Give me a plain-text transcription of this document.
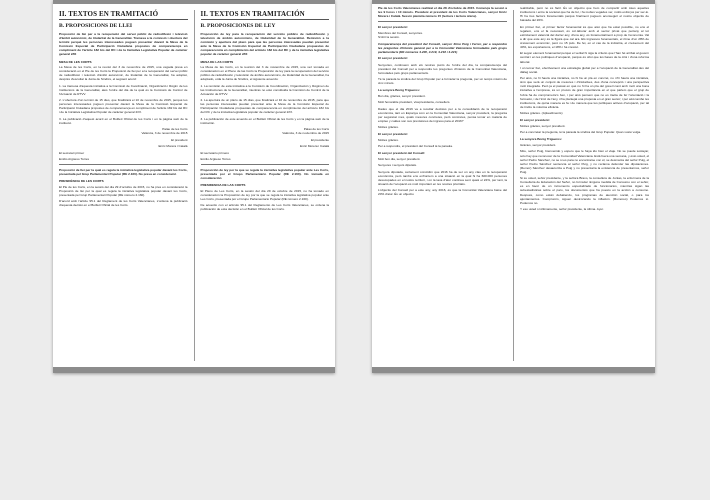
II. TEXTOS EN TRAMITACIÓ
B. PROPOSICIONS DE LLEI

Proposició de llei per a la recuperació del servei públic de radiodifusió i televisió d'àmbit autonòmic, de titularitat de la Generalitat. Tramesa a la comissió i obertura del termini perquè les persones interessades puguen presentar davant la Mesa de la Comissió Especial de Participació Ciutadana propostes de compareixença en compliment de l'article 182 bis del RC i de la Iniciativa Legislativa Popular de caràcter general 2/IX

MESA DE LES CORTS

La Mesa de les Corts, en la reunió del 3 de novembre de 2015, una vegada presa en consideració en el Ple de les Corts la Proposició de llei per a la recuperació del servei públic de radiodifusió i televisió d'àmbit autonòmic, de titularitat de la Generalitat, ha adoptat, després d'escoltar la Junta de Síndics, el següent acord:

1. La tramesa d'aquesta iniciativa a la Comissió de Coordinació, Organització i Règim de les Institucions de la Generalitat, atès l'ordre del dia de la qual és la Comissió de Control de l'Actuació de RTVV.

2. L'obertura d'un termini de 15 dies, que finalitzarà el 10 de novembre de 2015, perquè les persones interessades puguen presentar davant la Mesa de la Comissió Especial de Participació Ciutadana propostes de compareixença en compliment de l'article 182 bis del RC i de la Iniciativa Legislativa Popular de caràcter general 2/IX.

3. La publicació d'aquest acord en el Butlletí Oficial de les Corts i en la pàgina web de la institució.

Palau de les Corts
València, 3 de novembre de 2015

El president

Enric Morera i Català

El secretari primer

Emilio Argüeso Torres

Proposició de llei per la qual es regula la iniciativa legislativa popular davant les Corts, presentada pel Grup Parlamentari Popular (RE 2.160). No presa en consideració

PRESIDÈNCIA DE LES CORTS

El Ple de les Corts, en la sessió del dia 29 d'octubre de 2015, no ha pres en consideració la Proposició de llei per la qual es regula la iniciativa legislativa popular davant les Corts, presentada pel Grup Parlamentari Popular (RE número 2.160).

D'acord amb l'article 95.1 del Reglament de les Corts Valencianes, s'ordena la publicació d'aquesta decisió en el Butlletí Oficial de les Corts.

II. TEXTOS EN TRAMITACIÓN
B. PROPOSICIONES DE LEY

Proposición de ley para la recuperación del servicio público de radiodifusión y televisión de ámbito autonómico, de titularidad de la Generalitat. Remisión a la comisión y apertura del plazo para que las personas interesadas puedan presentar ante la Mesa de la Comisión Especial de Participación Ciudadana propuestas de comparecencia en cumplimiento del artículo 182 bis del RC y de la iniciativa legislativa popular de carácter general 2/IX

MESA DE LAS CORTS

La Mesa de las Corts, en la reunión del 3 de noviembre de 2015, una vez tomada en consideración en el Pleno de las Corts la Proposición de ley para la recuperación del servicio público de radiodifusión y televisión de ámbito autonómico, de titularidad de la Generalitat, ha adoptado, oída la Junta de Síndics, el siguiente acuerdo:

1. La remisión de esta iniciativa a la Comisión de Coordinación, Organización y Régimen de las Instituciones de la Generalitat, mientras no esté constituida la Comisión de Control de la Actuación de RTVV.

2. La apertura de un plazo de 15 días, que finalizará el 10 de noviembre de 2015, para que las personas interesadas puedan presentar ante la Mesa de la Comisión Especial de Participación Ciudadana propuestas de comparecencia en cumplimiento del artículo 182 bis del RC y de la iniciativa legislativa popular de carácter general 2/IX.

3. La publicación de este acuerdo en el Butlletí Oficial de les Corts y en la página web de la institución.

Palau de les Corts
València, 3 de noviembre de 2015

El presidente

Enric Morera i Català

El secretario primero

Emilio Argüeso Torres

Proposición de ley por la que se regula la iniciativa legislativa popular ante Les Corts, presentada por el Grupo Parlamentario Popular (RE 2.160). No tomada en consideración

PRESIDENCIA DE LAS CORTS

El Pleno de Les Corts, en la sesión del día 29 de octubre de 2015, no ha tomado en consideración la Proposición de ley por la que se regula la iniciativa legislativa popular ante Les Corts, presentada por el Grupo Parlamentario Popular (RE número 2.160).

De acuerdo con el artículo 95.1 del Reglamento de Les Corts Valencianes, se ordena la publicación de esta decisión en el Butlletí Oficial de les Corts.

Ple de les Corts Valencianes realitzat el dia 28 d'octubre de 2015. Comença la sessió a les 9 hores i 10 minuts. Presideix el president de les Corts Valencianes, senyor Enric Morera i Català. Sessió plenària número 15 (lectura i lectura única).

El senyor president:

Membres del Consell, senyories.
S'obri la sessió.

Compareixença del president del Consell, senyor Ximo Puig i Ferrer, per a respondre les preguntes d'interès general per a la Comunitat Valenciana formulades pels grups parlamentaris (RE números 4.200, 4.219, 4.218 i 4.221)

El senyor president:

Senyories, continuem amb els nostres punts de l'ordre del dia, la compareixença del president del Consell per a respondre les preguntes d'interès de la Comunitat Valenciana, formulades pels grups parlamentaris.

Té la paraula la síndica del Grup Popular per a formular la pregunta, per un temps màxim de cinc minuts.

La senyora Bonig Trigueros:

Bon dia, gràcies, senyor president.

Molt honorable president, vicepresidenta, consellers.

Dades que el dia 2016 va a resultar decisius per a la consolidació de la recuperació econòmica, tant en Espanya com en la Comunitat Valenciana, senyor president, la pregunta per seguretat mes, quals mesures concretes, però concretes, pensa tomar en matèria de empleo y cuáles son sus previsiones de ingreso para el 2016?

Moltes gràcies.

El senyor president:

Moltes gràcies.

Per a respondre, el president del Consell té la paraula.

El senyor president del Consell:

Molt bon dia, senyor president.

Senyores i senyors diputats.

Senyora diputada, certament coincidim que 2016 ha de ser un any clau en la recuperació econòmica, però també ens enfrontem a una situació en la qual hi ha 600.000 persones desocupades en el nostre territori, i on la taxa d'atur continua sent quasi el 22%, per tant, la situació de l'ocupació és molt important en les nostres prioritats.

L'objectiu del Consell per a este any, any 2016, és que la Comunitat Valenciana baixe del 20% d'atur. És un objectiu

realitzable, però no és fàcil. És un objectiu que hem de compartir amb totes aquelles institucions i entre la societat que ha de fer, i fa moltes vegades ver, molts esforços per ser-lo. Hi ha tres factors fonamentals perquè finalment puguem aconseguir el nostre objectiu de baixada del 20%.

En primer lloc, el primer factor fonamental és que això que ha estat possible, no ens el regalem, ens el fa necessari, és col·laborar amb el sector privat que pertany al tot estrictament valencià del darrer any, d'una any, és fonamentalment a prop de l'economia. Val a dir que este any és la figura que cal ara. Els ingressos fonamentals, el ritme d'un 28% de creixement econòmic, però no 15 puls. De fet, en el cas de la indústria, el creixement del 40%, les exportacions, el 18% i ha crescut.

El segon element fonamental perquè el verital hi siga la criterio que l'han fet arribat al govern central i en les polítiques d'ocupació, perquè és obvi que les bases de la crisi i d'una reforma laboral.

I un tercer lloc, efectivament una estratègia global per a l'ocupació de la Generalitat des del diàleg social.

Per això, no hi haurà una iniciativa, no hi ha un pla en concret, no n'hi haurà una iniciativa, sinó que serà un conjunt de mesures i d'iniciatives, des d'una concepció i una perspectiva molt integrada. Però ja el passat en què no hi ha un pla del govern tant amb molt una bona iniciativa a l'empresa, és un procés de gran importància en el que parlem que el grup de l'obra ha de comprometre's ben, i per això pensem que no es tracta de fer l'orientació i la formació, i de l'inici de l'any, s'ha plantejat una proposta en el gran sector; i per això també les institucions, de quina manera es fa i de manera que les polítiques actives d'ocupació, per tal de tindre la màxima eficàcia.

Moltes gràcies. (Aplaudiments)

El senyor president:

Moltes gràcies, senyor president.

Per a concretar la pregunta, té la paraula la síndica del Grup Popular. Quan vosté vulga.

La senyora Bonig Trigueros:

Gràcies, senyor president.

Mire, señor Puig, bienvenido y espero que le haya ido bien el viaje. No se puede soslayar, solo hay que reconocer de la Comunidad Valenciana. Está fuera una semana, y ésto usted, el señor Pedro Sánchez, no se si es para no encontrarse con él, se desmarca del señor Puig, el señor Pedro Sánchez sentencia al señor Puig, y no reclama defender las diputaciones. (Remor) Sánchez desautoriza a Puig y no presentaría la existencia de presentarnos, señor Puig.

Si su usted, señor presidente, y la señora Bravo, la consellera de Juntas, la enfermera de la Conselleria de Educación del Señor, no formular ninguna medida de Consumo con el señor, es en favor de un incremento especializado de funcionarios, mientras sigan las subestadísticas sobre el paro, los documentos que ha puesto en la acción a consumo. Después, como están debatiendo, los programas de atención social, o para los ajuntamientos. Compromís, siguen destrozando la inflación. (Rumores) Podemos sí. Podemos no.

Y eso usted sí últimamente, señor presidente, la última. Ayer.
